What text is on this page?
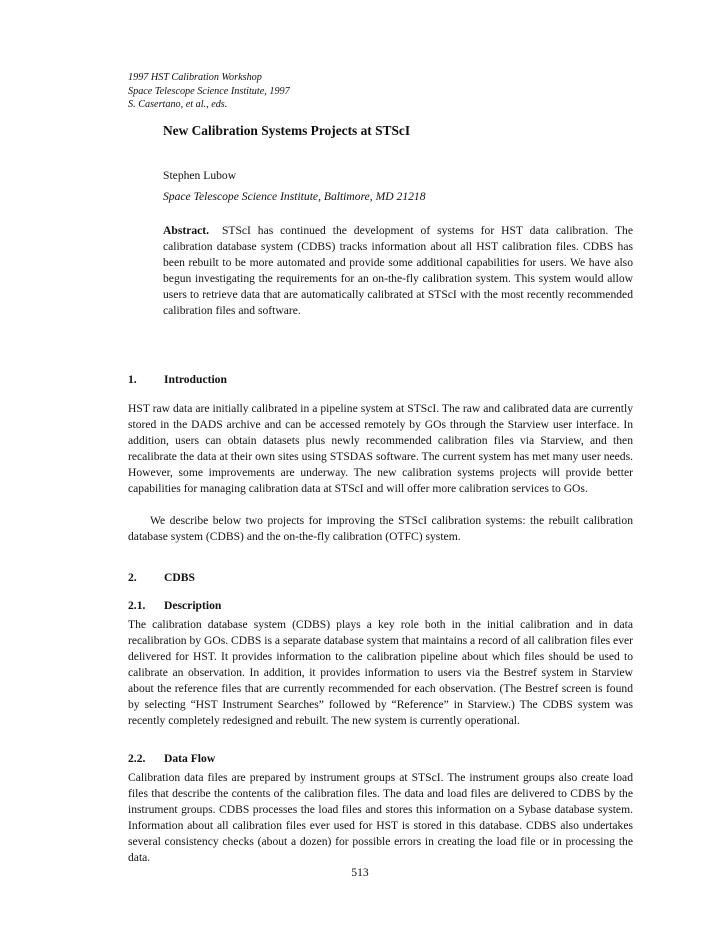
1997 HST Calibration Workshop
Space Telescope Science Institute, 1997
S. Casertano, et al., eds.
New Calibration Systems Projects at STScI
Stephen Lubow
Space Telescope Science Institute, Baltimore, MD 21218
Abstract. STScI has continued the development of systems for HST data calibration. The calibration database system (CDBS) tracks information about all HST calibration files. CDBS has been rebuilt to be more automated and provide some additional capabilities for users. We have also begun investigating the requirements for an on-the-fly calibration system. This system would allow users to retrieve data that are automatically calibrated at STScI with the most recently recommended calibration files and software.
1. Introduction
HST raw data are initially calibrated in a pipeline system at STScI. The raw and calibrated data are currently stored in the DADS archive and can be accessed remotely by GOs through the Starview user interface. In addition, users can obtain datasets plus newly recommended calibration files via Starview, and then recalibrate the data at their own sites using STSDAS software. The current system has met many user needs. However, some improvements are underway. The new calibration systems projects will provide better capabilities for managing calibration data at STScI and will offer more calibration services to GOs.
We describe below two projects for improving the STScI calibration systems: the rebuilt calibration database system (CDBS) and the on-the-fly calibration (OTFC) system.
2. CDBS
2.1. Description
The calibration database system (CDBS) plays a key role both in the initial calibration and in data recalibration by GOs. CDBS is a separate database system that maintains a record of all calibration files ever delivered for HST. It provides information to the calibration pipeline about which files should be used to calibrate an observation. In addition, it provides information to users via the Bestref system in Starview about the reference files that are currently recommended for each observation. (The Bestref screen is found by selecting “HST Instrument Searches” followed by “Reference” in Starview.) The CDBS system was recently completely redesigned and rebuilt. The new system is currently operational.
2.2. Data Flow
Calibration data files are prepared by instrument groups at STScI. The instrument groups also create load files that describe the contents of the calibration files. The data and load files are delivered to CDBS by the instrument groups. CDBS processes the load files and stores this information on a Sybase database system. Information about all calibration files ever used for HST is stored in this database. CDBS also undertakes several consistency checks (about a dozen) for possible errors in creating the load file or in processing the data.
513
